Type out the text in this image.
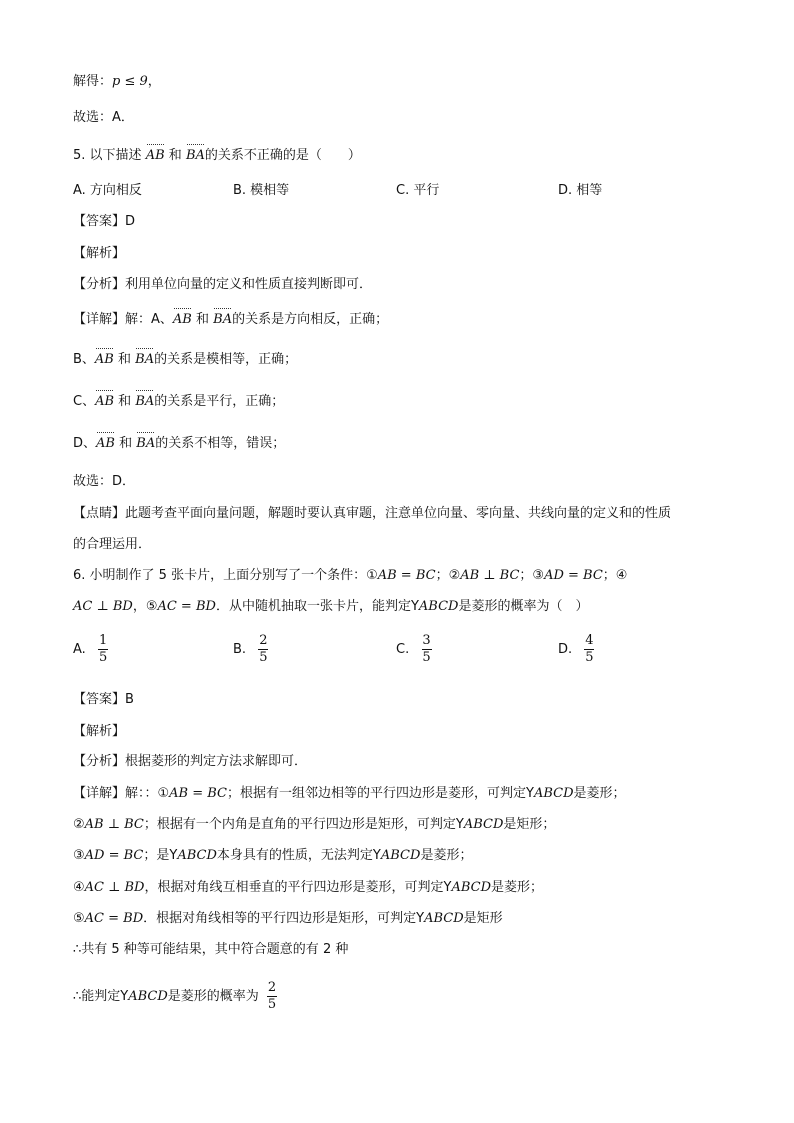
解得：p ≤ 9，
故选：A．
5. 以下描述 AB 和 BA的关系不正确的是（　　）
A. 方向相反	B. 模相等	C. 平行	D. 相等
【答案】D
【解析】
【分析】利用单位向量的定义和性质直接判断即可．
【详解】解：A、AB 和 BA的关系是方向相反，正确；
B、AB 和 BA的关系是模相等，正确；
C、AB 和 BA的关系是平行，正确；
D、AB 和 BA的关系不相等，错误；
故选：D．
【点睛】此题考查平面向量问题，解题时要认真审题，注意单位向量、零向量、共线向量的定义和的性质
的合理运用．
6. 小明制作了 5 张卡片，上面分别写了一个条件：①AB = BC；②AB ⊥ BC；③AD = BC；④
AC ⊥ BD，⑤AC = BD．从中随机抽取一张卡片，能判定YABCD是菱形的概率为（　）
A. $\frac{1}{5}$	B. $\frac{2}{5}$	C. $\frac{3}{5}$	D. $\frac{4}{5}$
【答案】B
【解析】
【分析】根据菱形的判定方法求解即可．
【详解】解：：①AB = BC；根据有一组邻边相等的平行四边形是菱形，可判定YABCD是菱形；
②AB ⊥ BC；根据有一个内角是直角的平行四边形是矩形，可判定YABCD是矩形；
③AD = BC；是YABCD本身具有的性质，无法判定YABCD是菱形；
④AC ⊥ BD，根据对角线互相垂直的平行四边形是菱形，可判定YABCD是菱形；
⑤AC = BD．根据对角线相等的平行四边形是矩形，可判定YABCD是矩形
∴共有 5 种等可能结果，其中符合题意的有 2 种
∴能判定YABCD是菱形的概率为 $\frac{2}{5}$
